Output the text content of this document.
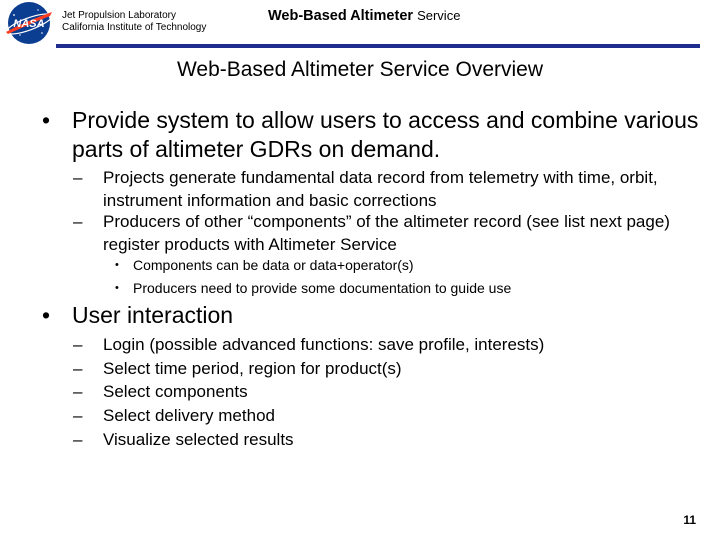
NASA
Jet Propulsion Laboratory
California Institute of Technology
Web-Based Altimeter Service
Web-Based Altimeter Service Overview
• Provide system to allow users to access and combine various parts of altimeter GDRs on demand.
– Projects generate fundamental data record from telemetry with time, orbit, instrument information and basic corrections
– Producers of other “components” of the altimeter record (see list next page) register products with Altimeter Service
• Components can be data or data+operator(s)
• Producers need to provide some documentation to guide use
• User interaction
– Login (possible advanced functions: save profile, interests)
– Select time period, region for product(s)
– Select components
– Select delivery method
– Visualize selected results
11
